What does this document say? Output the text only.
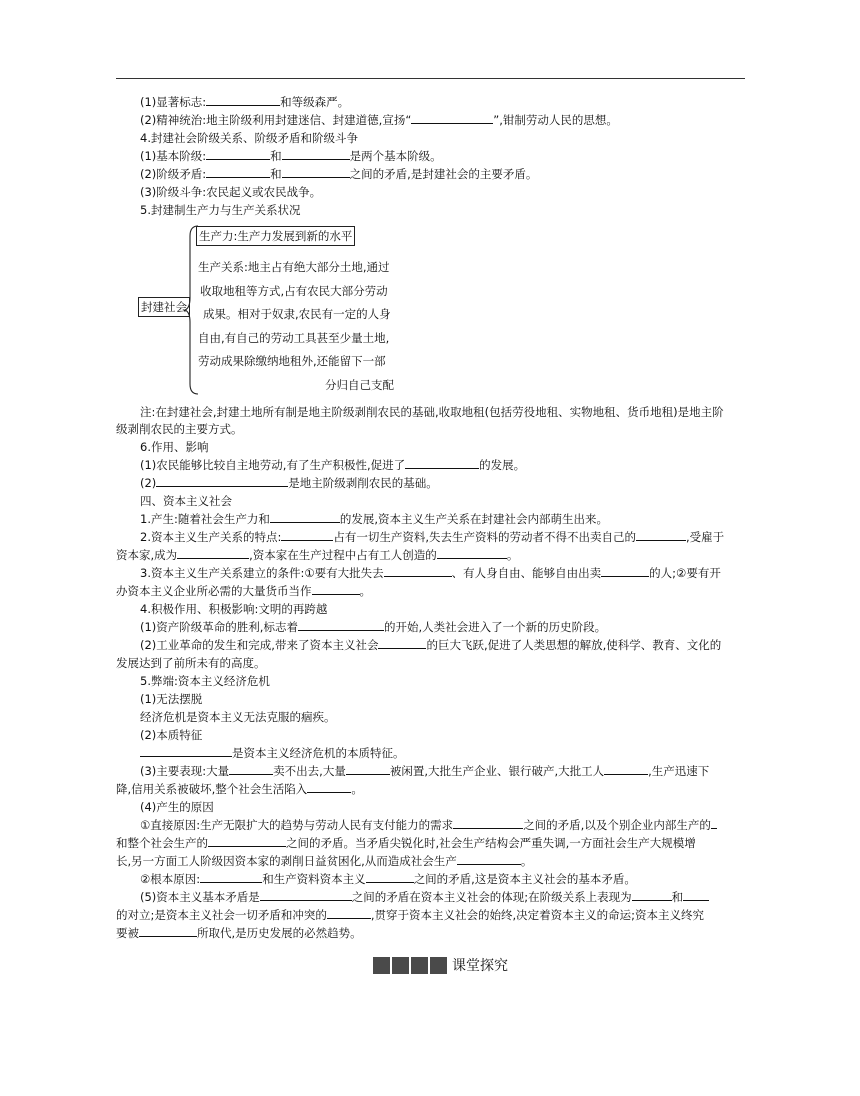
(1)显著标志:	和等级森严。
(2)精神统治:地主阶级利用封建迷信、封建道德,宣扬“	”,钳制劳动人民的思想。
4.封建社会阶级关系、阶级矛盾和阶级斗争
(1)基本阶级:	和	是两个基本阶级。
(2)阶级矛盾:	和	之间的矛盾,是封建社会的主要矛盾。
(3)阶级斗争:农民起义或农民战争。
5.封建制生产力与生产关系状况
封建社会
生产力:生产力发展到新的水平
生产关系:地主占有绝大部分土地,通过
收取地租等方式,占有农民大部分劳动
成果。相对于奴隶,农民有一定的人身
自由,有自己的劳动工具甚至少量土地,
劳动成果除缴纳地租外,还能留下一部
分归自己支配
注:在封建社会,封建土地所有制是地主阶级剥削农民的基础,收取地租(包括劳役地租、实物地租、货币地租)是地主阶
级剥削农民的主要方式。
6.作用、影响
(1)农民能够比较自主地劳动,有了生产积极性,促进了	的发展。
(2)	是地主阶级剥削农民的基础。
四、资本主义社会
1.产生:随着社会生产力和	的发展,资本主义生产关系在封建社会内部萌生出来。
2.资本主义生产关系的特点:	占有一切生产资料,失去生产资料的劳动者不得不出卖自己的	,受雇于
资本家,成为	,资本家在生产过程中占有工人创造的	。
3.资本主义生产关系建立的条件:①要有大批失去	、有人身自由、能够自由出卖	的人;②要有开
办资本主义企业所必需的大量货币当作	。
4.积极作用、积极影响:文明的再跨越
(1)资产阶级革命的胜利,标志着	的开始,人类社会进入了一个新的历史阶段。
(2)工业革命的发生和完成,带来了资本主义社会	的巨大飞跃,促进了人类思想的解放,使科学、教育、文化的
发展达到了前所未有的高度。
5.弊端:资本主义经济危机
(1)无法摆脱
经济危机是资本主义无法克服的痼疾。
(2)本质特征
是资本主义经济危机的本质特征。
(3)主要表现:大量	卖不出去,大量	被闲置,大批生产企业、银行破产,大批工人	,生产迅速下
降,信用关系被破坏,整个社会生活陷入	。
(4)产生的原因
①直接原因:生产无限扩大的趋势与劳动人民有支付能力的需求	之间的矛盾,以及个别企业内部生产的
和整个社会生产的	之间的矛盾。当矛盾尖锐化时,社会生产结构会严重失调,一方面社会生产大规模增
长,另一方面工人阶级因资本家的剥削日益贫困化,从而造成社会生产	。
②根本原因:	和生产资料资本主义	之间的矛盾,这是资本主义社会的基本矛盾。
(5)资本主义基本矛盾是	之间的矛盾在资本主义社会的体现;在阶级关系上表现为	和
的对立;是资本主义社会一切矛盾和冲突的	,贯穿于资本主义社会的始终,决定着资本主义的命运;资本主义终究
要被	所取代,是历史发展的必然趋势。
课堂探究
